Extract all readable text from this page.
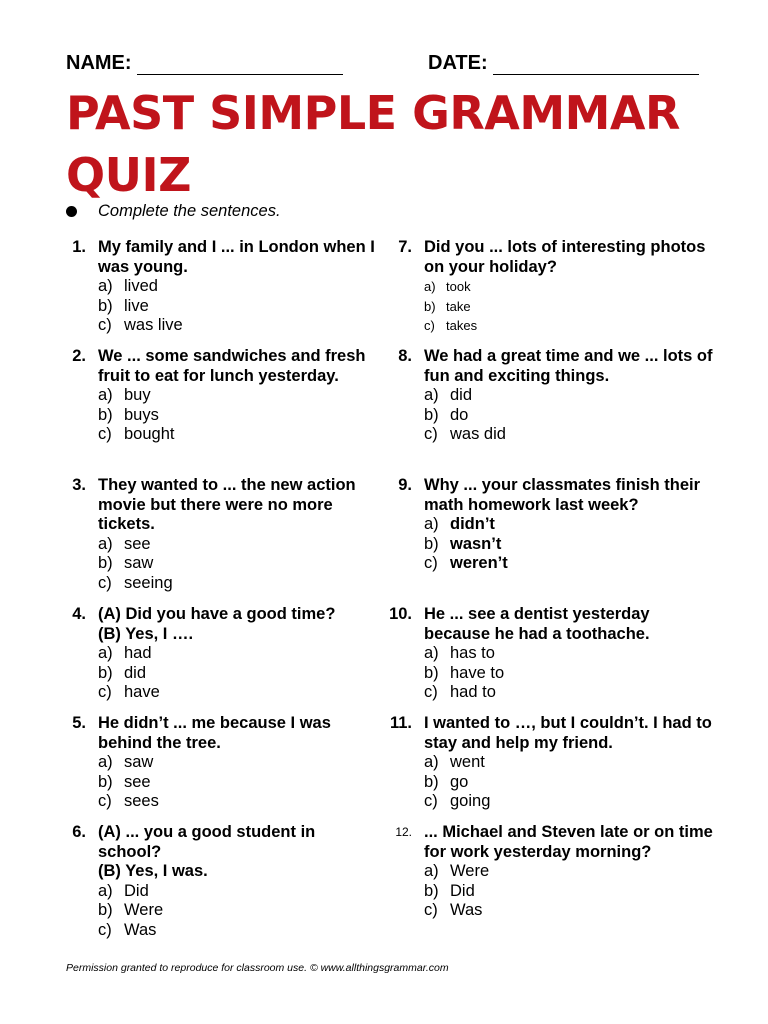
NAME:	DATE:
PAST SIMPLE GRAMMAR QUIZ
Complete the sentences.
1. My family and I ... in London when I was young.
a) lived
b) live
c) was live
2. We ... some sandwiches and fresh fruit to eat for lunch yesterday.
a) buy
b) buys
c) bought
3. They wanted to ... the new action movie but there were no more tickets.
a) see
b) saw
c) seeing
4. (A) Did you have a good time?
(B) Yes, I ….
a) had
b) did
c) have
5. He didn’t ... me because I was behind the tree.
a) saw
b) see
c) sees
6. (A) ... you a good student in school?
(B) Yes, I was.
a) Did
b) Were
c) Was
7. Did you ... lots of interesting photos on your holiday?
a) took
b) take
c) takes
8. We had a great time and we ... lots of fun and exciting things.
a) did
b) do
c) was did
9. Why ... your classmates finish their math homework last week?
a) didn’t
b) wasn’t
c) weren’t
10. He ... see a dentist yesterday because he had a toothache.
a) has to
b) have to
c) had to
11. I wanted to …, but I couldn’t. I had to stay and help my friend.
a) went
b) go
c) going
12. ... Michael and Steven late or on time for work yesterday morning?
a) Were
b) Did
c) Was
Permission granted to reproduce for classroom use. © www.allthingsgrammar.com
